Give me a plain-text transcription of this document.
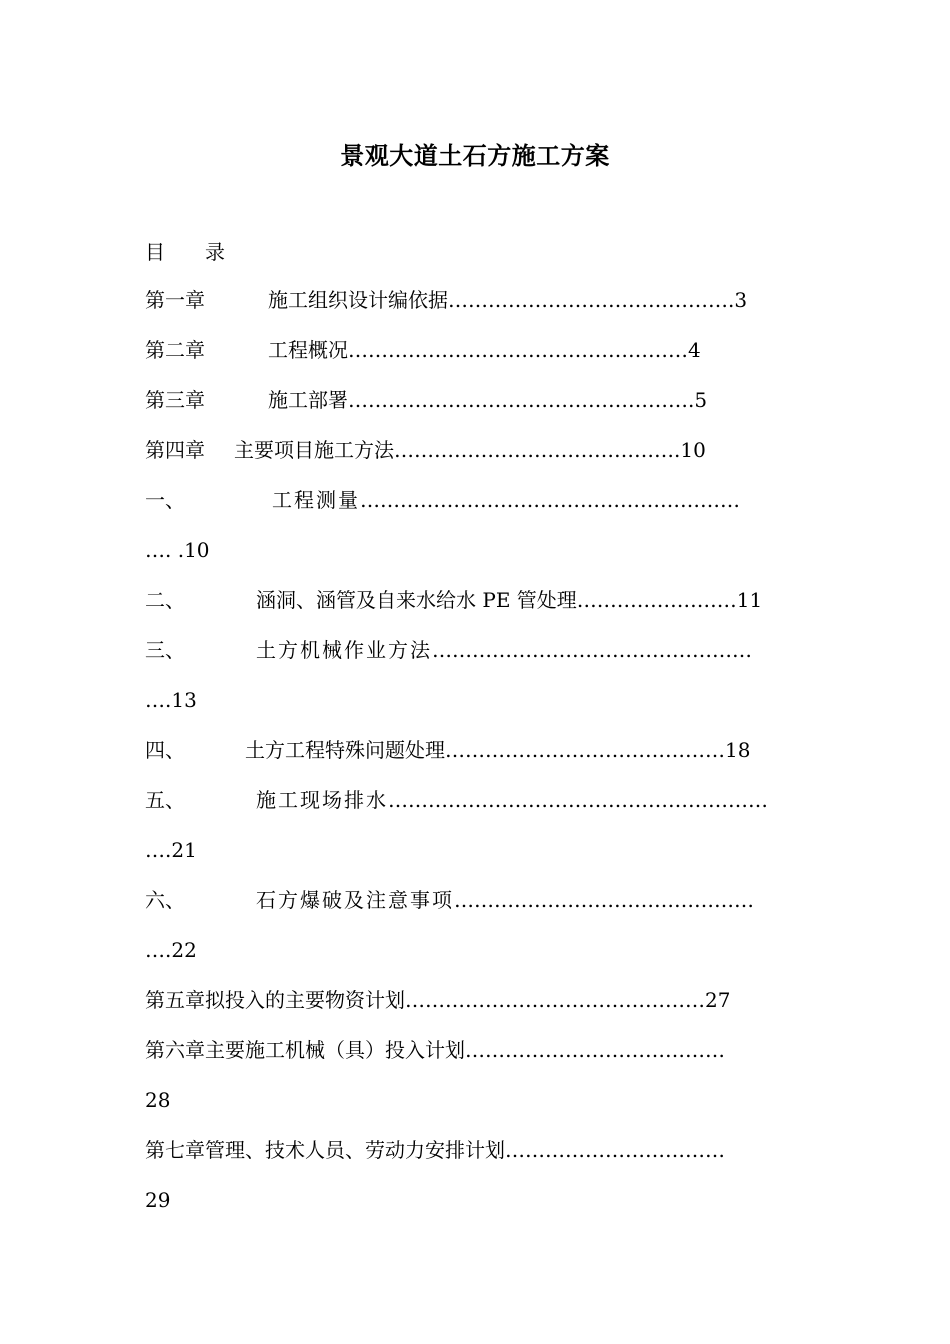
景观大道土石方施工方案
目 录
第一章	施工组织设计编依据…………………………………….3
第二章	工程概况……………………………………………4
第三章	施工部署…………………………………………….5
第四章 主要项目施工方法…………………………………….10
一、	工程测量…………………………………………………
…. .10
二、	涵洞、涵管及自来水给水 PE 管处理……………………11
三、	土方机械作业方法…………………………………………
….13
四、	土方工程特殊问题处理……………………………………18
五、	施工现场排水…………………………………………………
….21
六、	石方爆破及注意事项………………………………………
….22
第五章拟投入的主要物资计划………………………………………27
第六章主要施工机械（具）投入计划…………………………………
28
第七章管理、技术人员、劳动力安排计划……………………………
29
